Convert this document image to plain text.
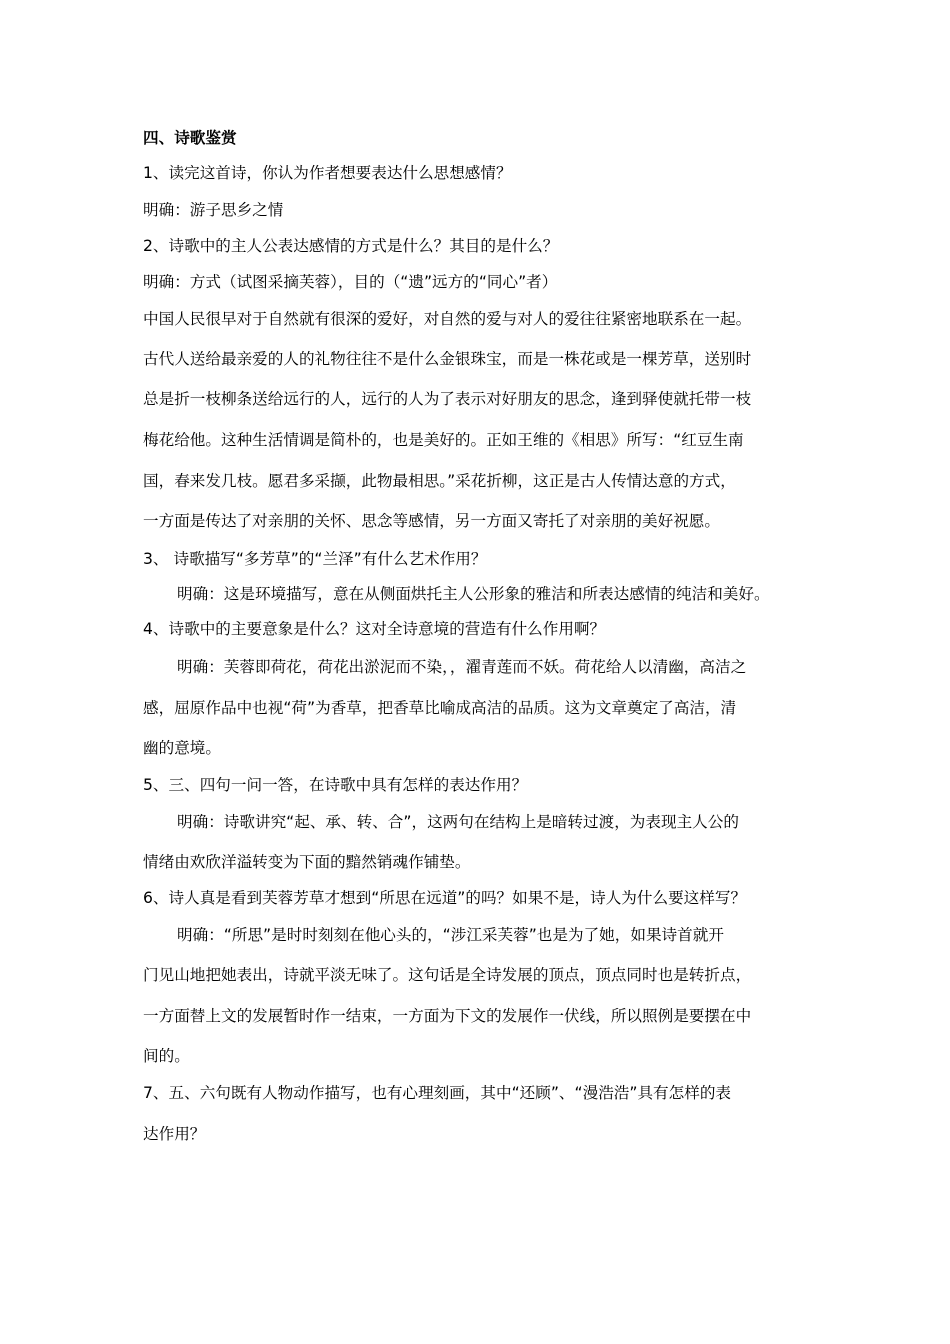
四、诗歌鉴赏
1、读完这首诗，你认为作者想要表达什么思想感情？
明确：游子思乡之情
2、诗歌中的主人公表达感情的方式是什么？其目的是什么？
明确：方式（试图采摘芙蓉），目的（“遗”远方的“同心”者）
中国人民很早对于自然就有很深的爱好，对自然的爱与对人的爱往往紧密地联系在一起。
古代人送给最亲爱的人的礼物往往不是什么金银珠宝，而是一株花或是一棵芳草，送别时
总是折一枝柳条送给远行的人，远行的人为了表示对好朋友的思念，逢到驿使就托带一枝
梅花给他。这种生活情调是简朴的，也是美好的。正如王维的《相思》所写：“红豆生南
国，春来发几枝。愿君多采撷，此物最相思。”采花折柳，这正是古人传情达意的方式，
一方面是传达了对亲朋的关怀、思念等感情，另一方面又寄托了对亲朋的美好祝愿。
3、 诗歌描写“多芳草”的“兰泽”有什么艺术作用？
明确：这是环境描写，意在从侧面烘托主人公形象的雅洁和所表达感情的纯洁和美好。
4、诗歌中的主要意象是什么？这对全诗意境的营造有什么作用啊？
明确：芙蓉即荷花，荷花出淤泥而不染，，濯青莲而不妖。荷花给人以清幽，高洁之
感，屈原作品中也视“荷”为香草，把香草比喻成高洁的品质。这为文章奠定了高洁，清
幽的意境。
5、三、四句一问一答，在诗歌中具有怎样的表达作用？
明确：诗歌讲究“起、承、转、合”，这两句在结构上是暗转过渡，为表现主人公的
情绪由欢欣洋溢转变为下面的黯然销魂作铺垫。
6、诗人真是看到芙蓉芳草才想到“所思在远道”的吗？如果不是，诗人为什么要这样写？
明确：“所思”是时时刻刻在他心头的，“涉江采芙蓉”也是为了她，如果诗首就开
门见山地把她表出，诗就平淡无味了。这句话是全诗发展的顶点，顶点同时也是转折点，
一方面替上文的发展暂时作一结束，一方面为下文的发展作一伏线，所以照例是要摆在中
间的。
7、五、六句既有人物动作描写，也有心理刻画，其中“还顾”、“漫浩浩”具有怎样的表
达作用？
